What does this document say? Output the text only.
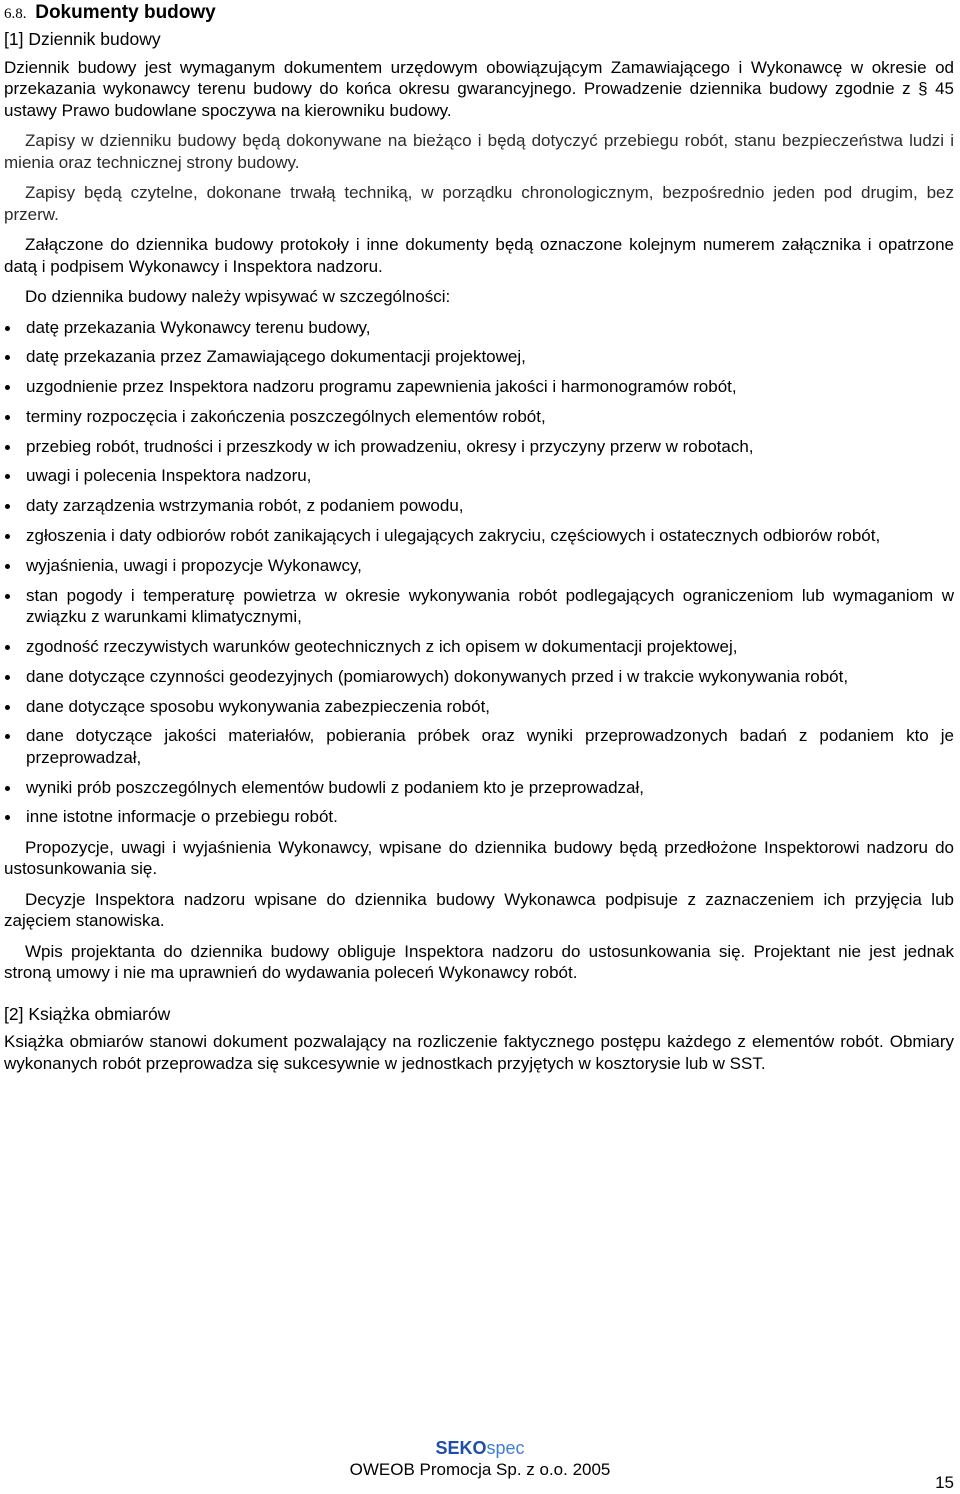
6.8. Dokumenty budowy
[1] Dziennik budowy

Dziennik budowy jest wymaganym dokumentem urzędowym obowiązującym Zamawiającego i Wykonawcę w okresie od przekazania wykonawcy terenu budowy do końca okresu gwarancyjnego. Prowadzenie dziennika budowy zgodnie z § 45 ustawy Prawo budowlane spoczywa na kierowniku budowy.

Zapisy w dzienniku budowy będą dokonywane na bieżąco i będą dotyczyć przebiegu robót, stanu bezpieczeństwa ludzi i mienia oraz technicznej strony budowy.

Zapisy będą czytelne, dokonane trwałą techniką, w porządku chronologicznym, bezpośrednio jeden pod drugim, bez przerw.

Załączone do dziennika budowy protokoły i inne dokumenty będą oznaczone kolejnym numerem załącznika i opatrzone datą i podpisem Wykonawcy i Inspektora nadzoru.

Do dziennika budowy należy wpisywać w szczególności:

datę przekazania Wykonawcy terenu budowy,
datę przekazania przez Zamawiającego dokumentacji projektowej,
uzgodnienie przez Inspektora nadzoru programu zapewnienia jakości i harmonogramów robót,
terminy rozpoczęcia i zakończenia poszczególnych elementów robót,
przebieg robót, trudności i przeszkody w ich prowadzeniu, okresy i przyczyny przerw w robotach,
uwagi i polecenia Inspektora nadzoru,
daty zarządzenia wstrzymania robót, z podaniem powodu,
zgłoszenia i daty odbiorów robót zanikających i ulegających zakryciu, częściowych i ostatecznych odbiorów robót,
wyjaśnienia, uwagi i propozycje Wykonawcy,
stan pogody i temperaturę powietrza w okresie wykonywania robót podlegających ograniczeniom lub wymaganiom w związku z warunkami klimatycznymi,
zgodność rzeczywistych warunków geotechnicznych z ich opisem w dokumentacji projektowej,
dane dotyczące czynności geodezyjnych (pomiarowych) dokonywanych przed i w trakcie wykonywania robót,
dane dotyczące sposobu wykonywania zabezpieczenia robót,
dane dotyczące jakości materiałów, pobierania próbek oraz wyniki przeprowadzonych badań z podaniem kto je przeprowadzał,
wyniki prób poszczególnych elementów budowli z podaniem kto je przeprowadzał,
inne istotne informacje o przebiegu robót.

Propozycje, uwagi i wyjaśnienia Wykonawcy, wpisane do dziennika budowy będą przedłożone Inspektorowi nadzoru do ustosunkowania się.

Decyzje Inspektora nadzoru wpisane do dziennika budowy Wykonawca podpisuje z zaznaczeniem ich przyjęcia lub zajęciem stanowiska.

Wpis projektanta do dziennika budowy obliguje Inspektora nadzoru do ustosunkowania się. Projektant nie jest jednak stroną umowy i nie ma uprawnień do wydawania poleceń Wykonawcy robót.

[2] Książka obmiarów

Książka obmiarów stanowi dokument pozwalający na rozliczenie faktycznego postępu każdego z elementów robót. Obmiary wykonanych robót przeprowadza się sukcesywnie w jednostkach przyjętych w kosztorysie lub w SST.

SEKOspec
OWEOB Promocja Sp. z o.o. 2005
15
